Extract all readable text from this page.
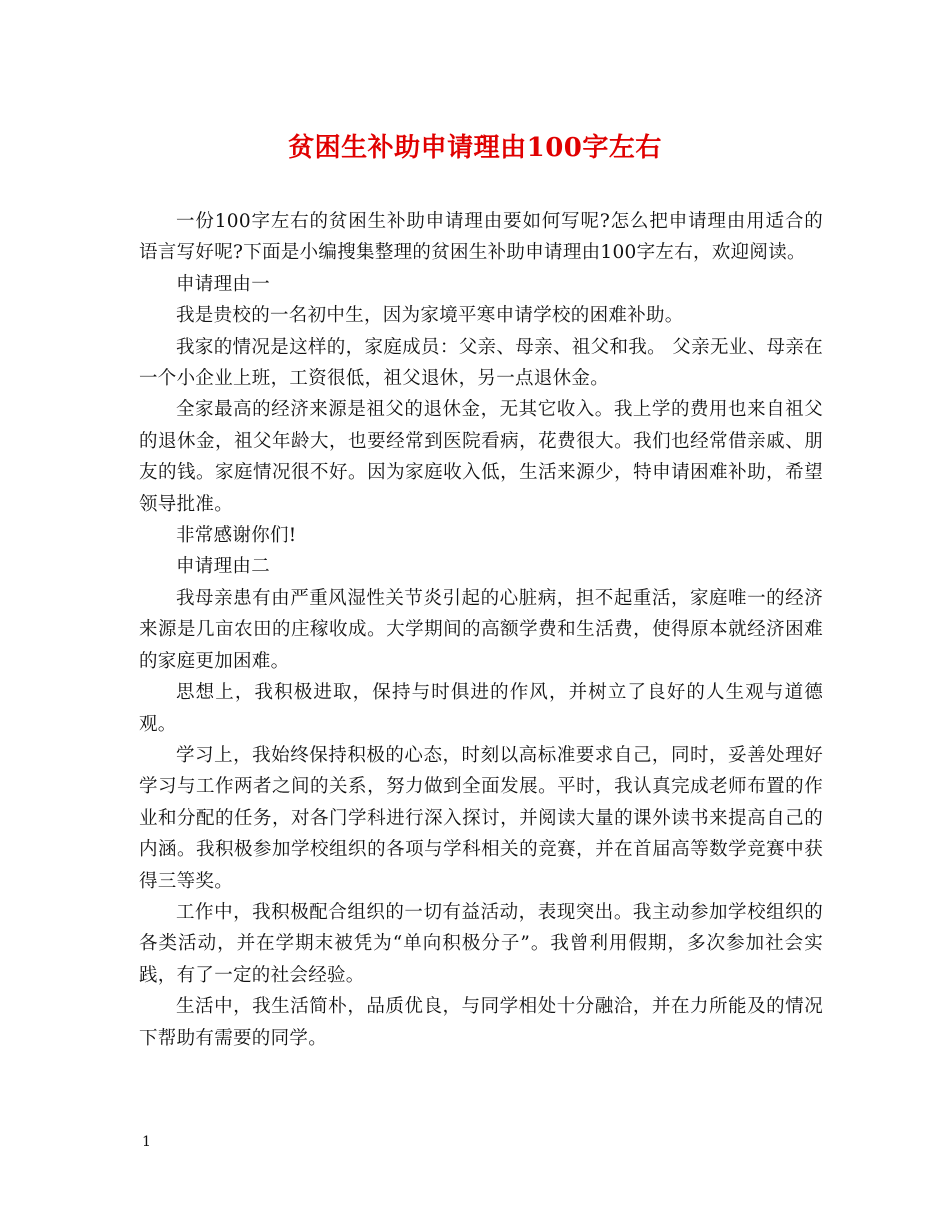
贫困生补助申请理由100字左右

一份100字左右的贫困生补助申请理由要如何写呢?怎么把申请理由用适合的语言写好呢?下面是小编搜集整理的贫困生补助申请理由100字左右，欢迎阅读。

申请理由一

我是贵校的一名初中生，因为家境平寒申请学校的困难补助。

我家的情况是这样的，家庭成员：父亲、母亲、祖父和我。 父亲无业、母亲在一个小企业上班，工资很低，祖父退休，另一点退休金。

全家最高的经济来源是祖父的退休金，无其它收入。我上学的费用也来自祖父的退休金，祖父年龄大，也要经常到医院看病，花费很大。我们也经常借亲戚、朋友的钱。家庭情况很不好。因为家庭收入低，生活来源少，特申请困难补助，希望领导批准。

非常感谢你们!

申请理由二

我母亲患有由严重风湿性关节炎引起的心脏病，担不起重活，家庭唯一的经济来源是几亩农田的庄稼收成。大学期间的高额学费和生活费，使得原本就经济困难的家庭更加困难。

思想上，我积极进取，保持与时俱进的作风，并树立了良好的人生观与道德观。

学习上，我始终保持积极的心态，时刻以高标准要求自己，同时，妥善处理好学习与工作两者之间的关系，努力做到全面发展。平时，我认真完成老师布置的作业和分配的任务，对各门学科进行深入探讨，并阅读大量的课外读书来提高自己的内涵。我积极参加学校组织的各项与学科相关的竞赛，并在首届高等数学竞赛中获得三等奖。

工作中，我积极配合组织的一切有益活动，表现突出。我主动参加学校组织的各类活动，并在学期末被凭为“单向积极分子”。我曾利用假期，多次参加社会实践，有了一定的社会经验。

生活中，我生活简朴，品质优良，与同学相处十分融洽，并在力所能及的情况下帮助有需要的同学。

1
